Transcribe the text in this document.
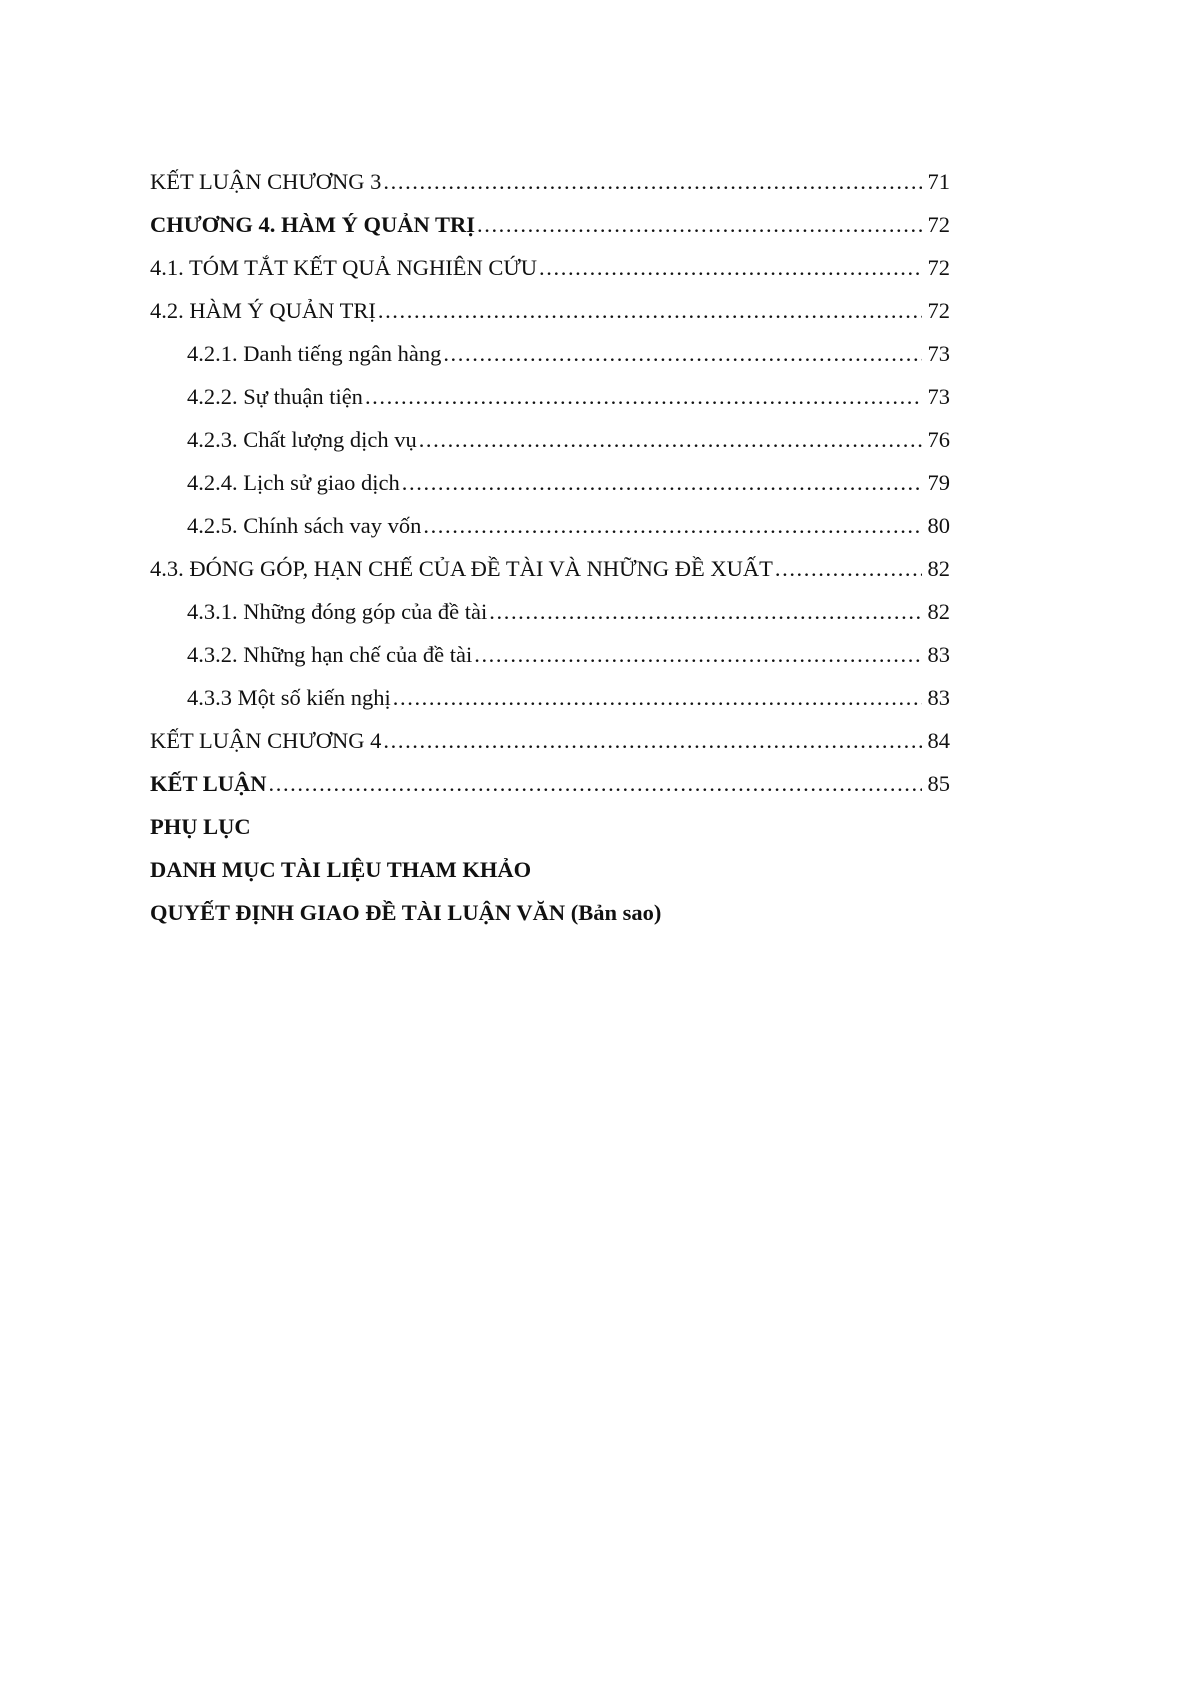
KẾT LUẬN CHƯƠNG 3 .....	71
CHƯƠNG 4. HÀM Ý QUẢN TRỊ .....	72
4.1. TÓM TẮT KẾT QUẢ NGHIÊN CỨU .....	72
4.2. HÀM Ý QUẢN TRỊ .....	72
4.2.1. Danh tiếng ngân hàng .....	73
4.2.2. Sự thuận tiện .....	73
4.2.3. Chất lượng dịch vụ .....	76
4.2.4. Lịch sử giao dịch .....	79
4.2.5. Chính sách vay vốn .....	80
4.3. ĐÓNG GÓP, HẠN CHẾ CỦA ĐỀ TÀI VÀ NHỮNG ĐỀ XUẤT .....	82
4.3.1. Những đóng góp của đề tài .....	82
4.3.2. Những hạn chế của đề tài .....	83
4.3.3 Một số kiến nghị .....	83
KẾT LUẬN CHƯƠNG 4 .....	84
KẾT LUẬN .....	85
PHỤ LỤC
DANH MỤC TÀI LIỆU THAM KHẢO
QUYẾT ĐỊNH GIAO ĐỀ TÀI LUẬN VĂN (Bản sao)
